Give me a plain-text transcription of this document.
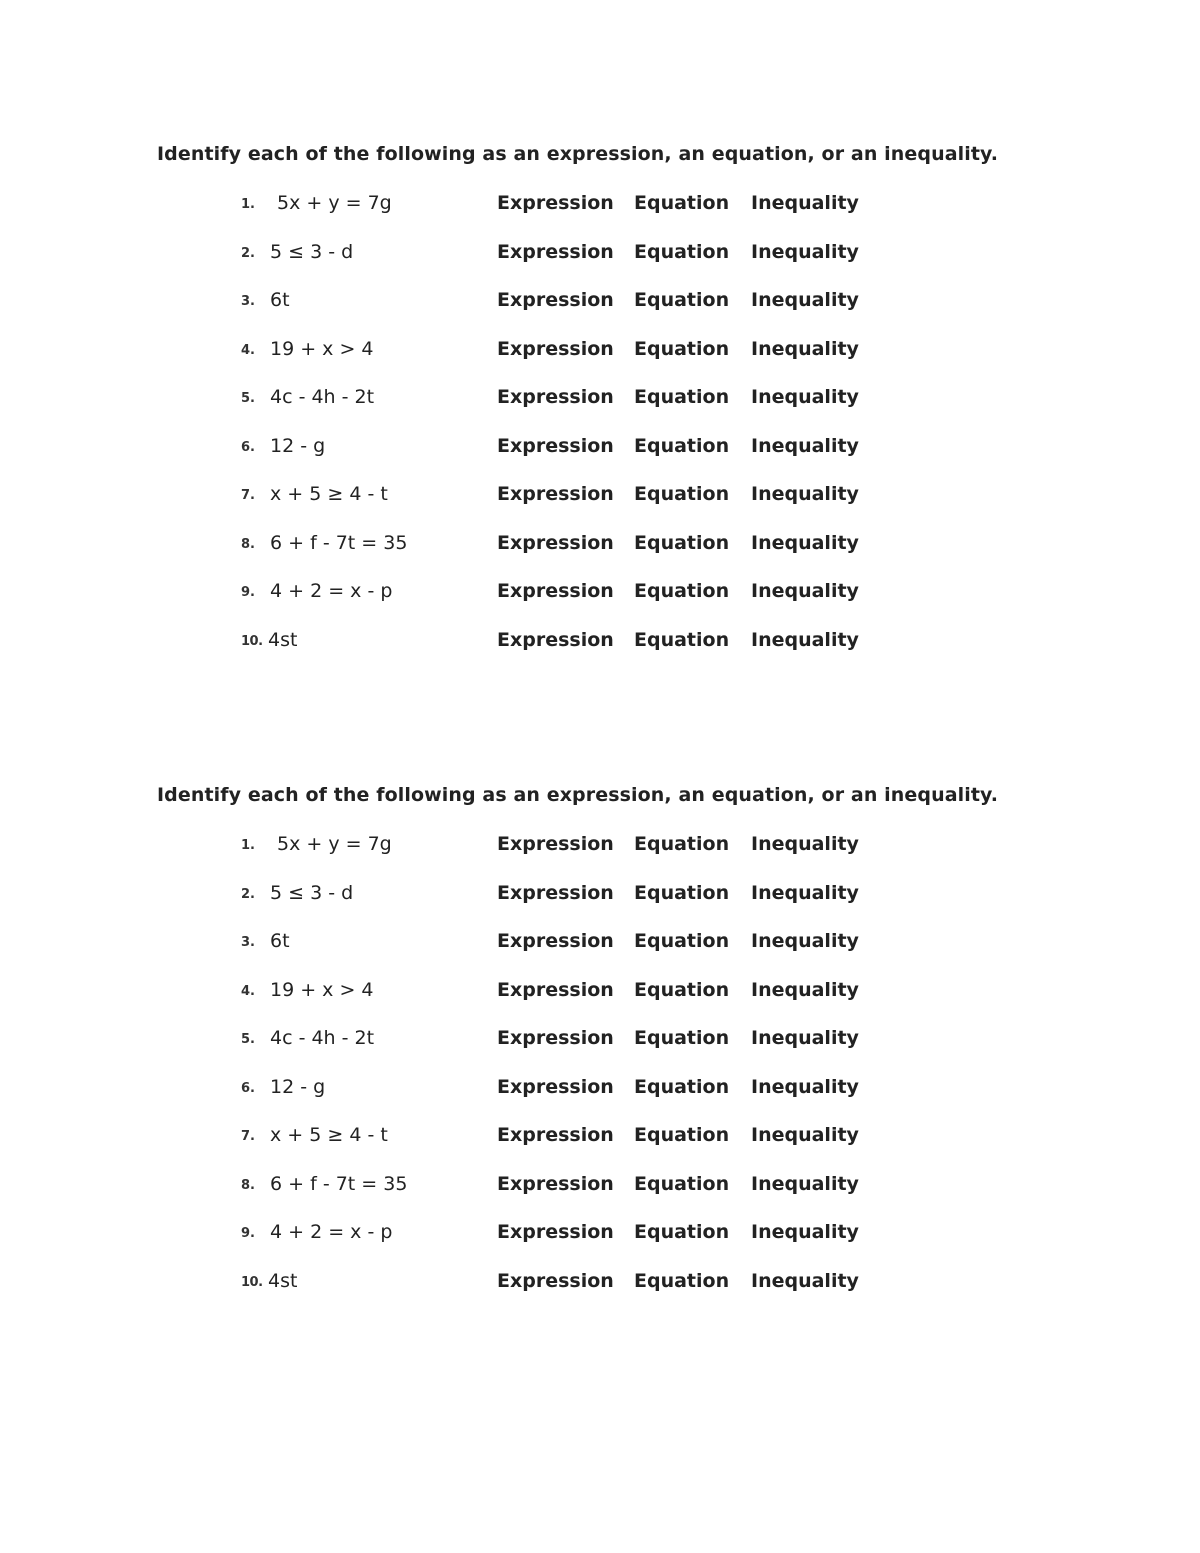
Identify each of the following as an expression, an equation, or an inequality.
1. 5x + y = 7g	Expression Equation Inequality
2. 5 ≤ 3 - d	Expression Equation Inequality
3. 6t	Expression Equation Inequality
4. 19 + x > 4	Expression Equation Inequality
5. 4c - 4h - 2t	Expression Equation Inequality
6. 12 - g	Expression Equation Inequality
7. x + 5 ≥ 4 - t	Expression Equation Inequality
8. 6 + f - 7t = 35	Expression Equation Inequality
9. 4 + 2 = x - p	Expression Equation Inequality
10. 4st	Expression Equation Inequality
Identify each of the following as an expression, an equation, or an inequality.
1. 5x + y = 7g	Expression Equation Inequality
2. 5 ≤ 3 - d	Expression Equation Inequality
3. 6t	Expression Equation Inequality
4. 19 + x > 4	Expression Equation Inequality
5. 4c - 4h - 2t	Expression Equation Inequality
6. 12 - g	Expression Equation Inequality
7. x + 5 ≥ 4 - t	Expression Equation Inequality
8. 6 + f - 7t = 35	Expression Equation Inequality
9. 4 + 2 = x - p	Expression Equation Inequality
10. 4st	Expression Equation Inequality
